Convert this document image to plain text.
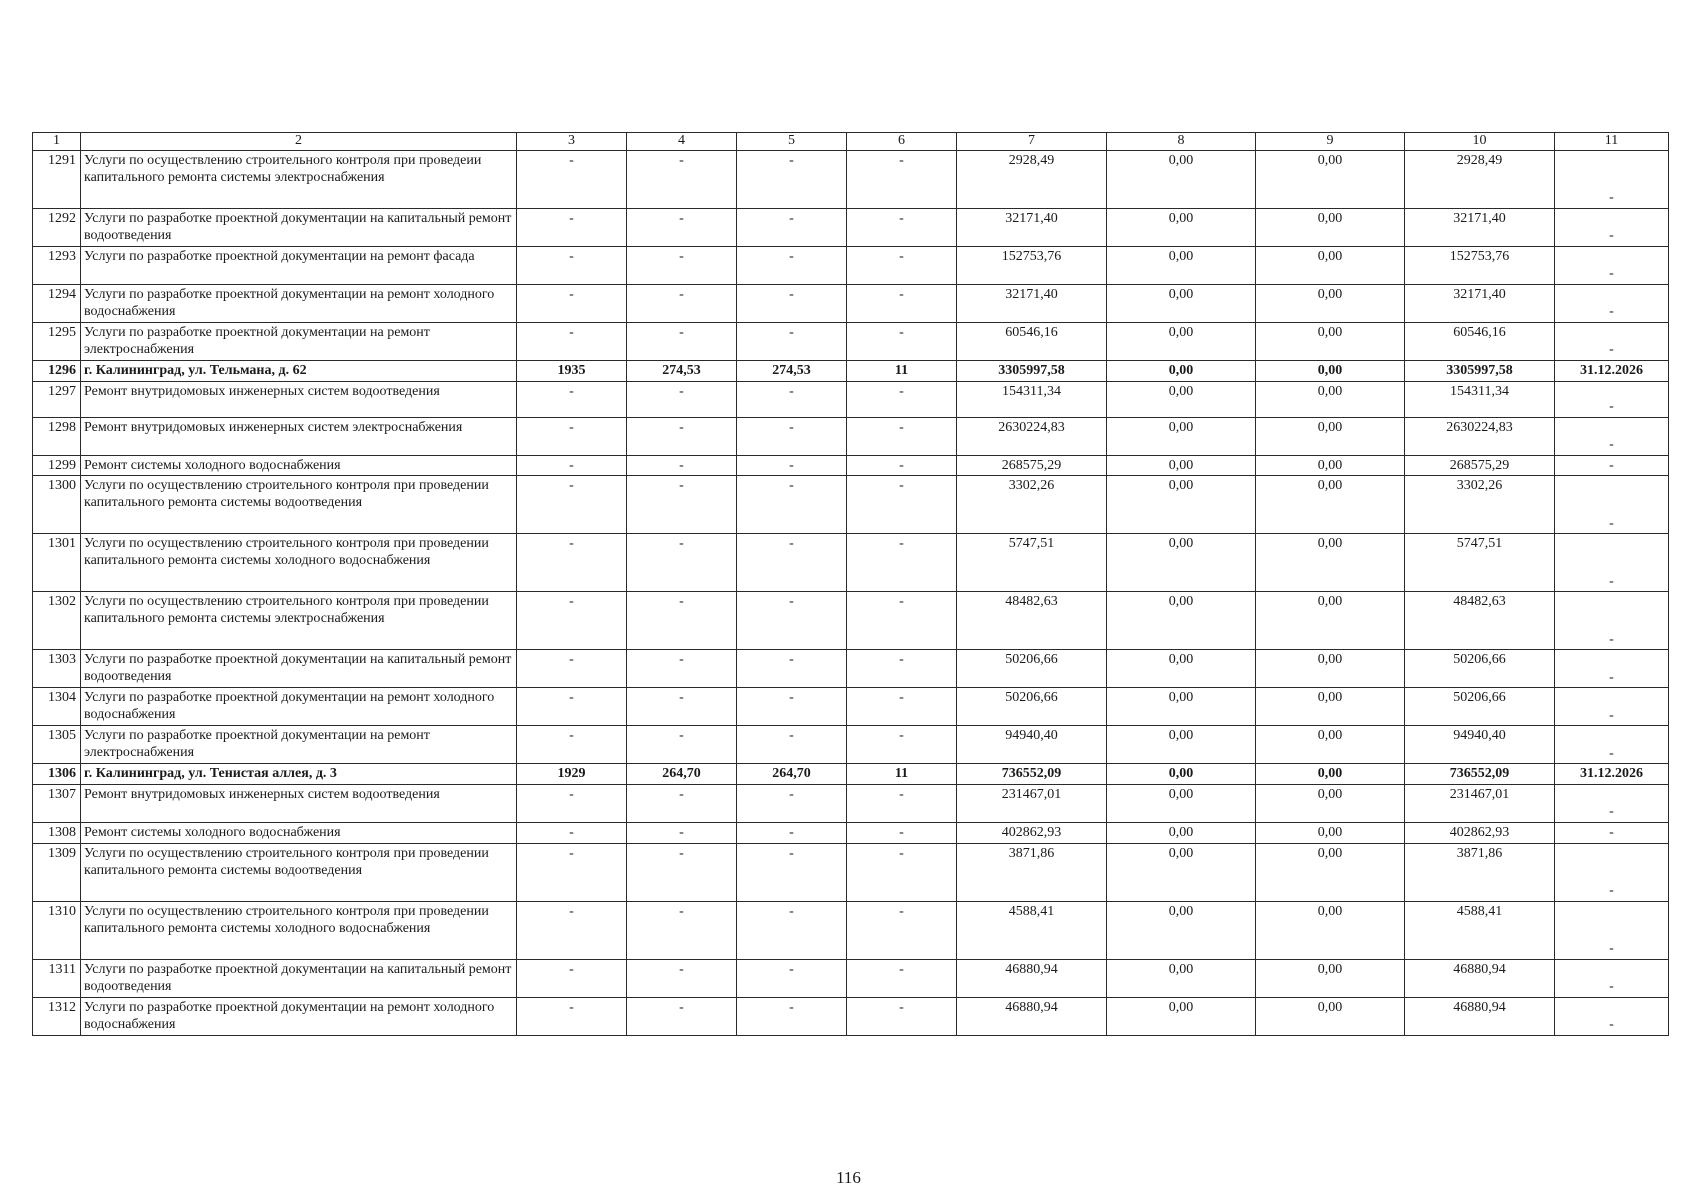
1	2	3	4	5	6	7	8	9	10	11
1291	Услуги по осуществлению строительного контроля при проведеии капитального ремонта системы электроснабжения	-	-	-	-	2928,49	0,00	0,00	2928,49	-
1292	Услуги по разработке проектной документации на капитальный ремонт водоотведения	-	-	-	-	32171,40	0,00	0,00	32171,40	-
1293	Услуги по разработке проектной документации на ремонт фасада	-	-	-	-	152753,76	0,00	0,00	152753,76	-
1294	Услуги по разработке проектной документации на ремонт холодного водоснабжения	-	-	-	-	32171,40	0,00	0,00	32171,40	-
1295	Услуги по разработке проектной документации на ремонт электроснабжения	-	-	-	-	60546,16	0,00	0,00	60546,16	-
1296	г. Калининград, ул. Тельмана, д. 62	1935	274,53	274,53	11	3305997,58	0,00	0,00	3305997,58	31.12.2026
1297	Ремонт внутридомовых инженерных систем водоотведения	-	-	-	-	154311,34	0,00	0,00	154311,34	-
1298	Ремонт внутридомовых инженерных систем электроснабжения	-	-	-	-	2630224,83	0,00	0,00	2630224,83	-
1299	Ремонт системы холодного водоснабжения	-	-	-	-	268575,29	0,00	0,00	268575,29	-
1300	Услуги по осуществлению строительного контроля при проведении капитального ремонта системы водоотведения	-	-	-	-	3302,26	0,00	0,00	3302,26	-
1301	Услуги по осуществлению строительного контроля при проведении капитального ремонта системы холодного водоснабжения	-	-	-	-	5747,51	0,00	0,00	5747,51	-
1302	Услуги по осуществлению строительного контроля при проведении капитального ремонта системы электроснабжения	-	-	-	-	48482,63	0,00	0,00	48482,63	-
1303	Услуги по разработке проектной документации на капитальный ремонт водоотведения	-	-	-	-	50206,66	0,00	0,00	50206,66	-
1304	Услуги по разработке проектной документации на ремонт холодного водоснабжения	-	-	-	-	50206,66	0,00	0,00	50206,66	-
1305	Услуги по разработке проектной документации на ремонт электроснабжения	-	-	-	-	94940,40	0,00	0,00	94940,40	-
1306	г. Калининград, ул. Тенистая аллея, д. 3	1929	264,70	264,70	11	736552,09	0,00	0,00	736552,09	31.12.2026
1307	Ремонт внутридомовых инженерных систем водоотведения	-	-	-	-	231467,01	0,00	0,00	231467,01	-
1308	Ремонт системы холодного водоснабжения	-	-	-	-	402862,93	0,00	0,00	402862,93	-
1309	Услуги по осуществлению строительного контроля при проведении капитального ремонта системы водоотведения	-	-	-	-	3871,86	0,00	0,00	3871,86	-
1310	Услуги по осуществлению строительного контроля при проведении капитального ремонта системы холодного водоснабжения	-	-	-	-	4588,41	0,00	0,00	4588,41	-
1311	Услуги по разработке проектной документации на капитальный ремонт водоотведения	-	-	-	-	46880,94	0,00	0,00	46880,94	-
1312	Услуги по разработке проектной документации на ремонт холодного водоснабжения	-	-	-	-	46880,94	0,00	0,00	46880,94	-
116
